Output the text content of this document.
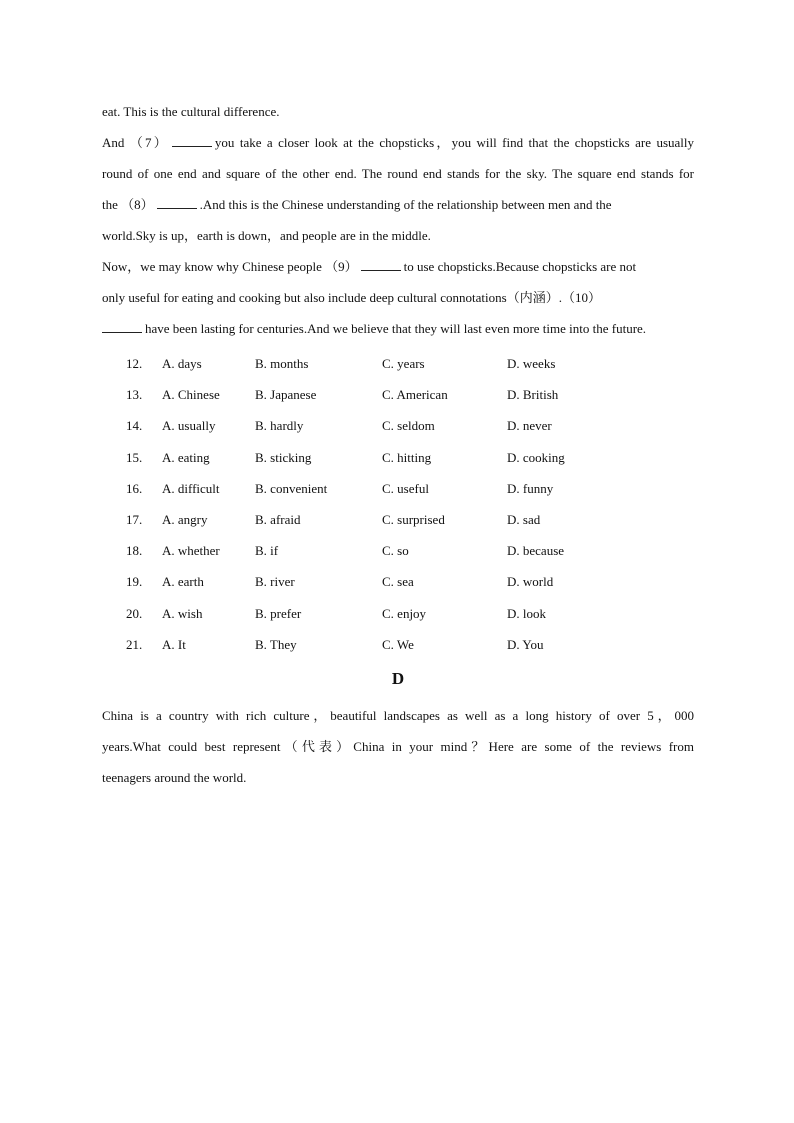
eat. This is the cultural difference.
And （7）	you take a closer look at the chopsticks，you will find that the chopsticks are usually
round of one end and square of the other end. The round end stands for the sky. The square end stands for
the （8）	.And this is the Chinese understanding of the relationship between men and the
world.Sky is up，earth is down，and people are in the middle.
Now，we may know why Chinese people （9）	to use chopsticks.Because chopsticks are not
only useful for eating and cooking but also include deep cultural connotations（内涵）.（10）
have been lasting for centuries.And we believe that they will last even more time into the future.
12. A. days	B. months	C. years	D. weeks
13. A. Chinese	B. Japanese	C. American	D. British
14. A. usually	B. hardly	C. seldom	D. never
15. A. eating	B. sticking	C. hitting	D. cooking
16. A. difficult	B. convenient	C. useful	D. funny
17. A. angry	B. afraid	C. surprised	D. sad
18. A. whether	B. if	C. so	D. because
19. A. earth	B. river	C. sea	D. world
20. A. wish	B. prefer	C. enjoy	D. look
21. A. It	B. They	C. We	D. You
D
China is a country with rich culture，beautiful landscapes as well as a long history of over 5，000
years.What could best represent（代表）China in your mind？Here are some of the reviews from
teenagers around the world.
